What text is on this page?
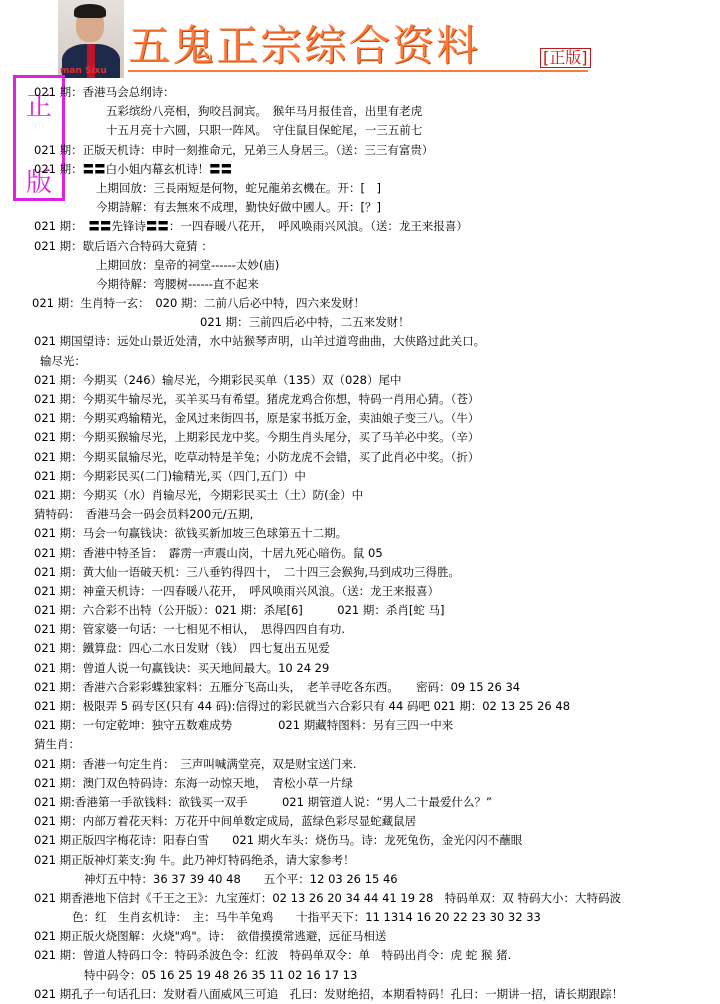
man Sixu
五鬼正宗综合资料	[正版]
正
版
021 期：香港马会总纲诗：
五彩缤纷八亮相，狗咬吕洞宾。　猴年马月报佳音，出里有老虎
十五月亮十六圆，只职一阵风。　守住鼠目保蛇尾，一三五前七
021 期：正版天机诗：申时一刻推命元，兄弟三人身居三。（送：三三有富贵）
021 期：〓〓白小姐内幕玄机诗！〓〓
上期回放：三長兩短是何物，蛇兄龍弟玄機在。开：[　]
今期詩解：有去無來不成理，勤快好做中國人。开：[？]
021 期：　〓〓先锋诗〓〓：一四春暖八花开，　呼风唤雨兴风浪。（送：龙王来报喜）
021 期：歇后语六合特码大竟猜 ：
上期回放：皇帝的祠堂------太妙(庙)
今期待解：弯腰树------直不起来
021 期：生肖特一玄：　020 期：二前八后必中特，四六来发财！
021 期：三前四后必中特，二五来发财！
021 期国望诗：远处山景近处清，水中站猴琴声明，山羊过道弯曲曲，大侠路过此关口。
输尽光：
021 期：今期买（246）输尽光，今期彩民买单（135）双（028）尾中
021 期：今期买牛输尽光，买羊买马有希望。猪虎龙鸡合你想，特码一肖用心猜。（苍）
021 期：今期买鸡输精光，金风过来街四书，原是家书抵万金，卖油娘子变三八。（牛）
021 期：今期买猴输尽光，上期彩民龙中奖。今期生肖头尾分，买了马羊必中奖。（辛）
021 期：今期买鼠输尽光，吃草动特是羊兔；小防龙虎不会错，买了此肖必中奖。（折）
021 期：今期彩民买(二门)输精光,买（四门,五门）中
021 期：今期买（水）肖输尽光，今期彩民买土（土）防(金）中
猜特码：　香港马会一码会员料200元/五期,
021 期：马会一句赢钱诀：欲钱买新加坡三色球第五十二期。
021 期：香港中特圣旨：　霹雳一声震山岗，十居九死心暗伤。鼠 05
021 期：黄大仙一语破天机：三八垂钓得四十，　二十四三会猴狗,马到成功三得胜。
021 期：神童天机诗：一四春暖八花开，　呼风唤雨兴风浪。（送：龙王来报喜）
021 期：六合彩不出特（公开版）：021 期：杀尾[6]　　　021 期：杀肖[蛇 马]
021 期：管家婆一句话：一七相见不相认，　思得四四自有功.
021 期：鐵算盘：四心二水日发财（钱）　四七复出五见爱
021 期：曾道人说一句赢钱诀：买天地间最大。10 24 29
021 期：香港六合彩彩蝶独家料：五雁分飞高山头，　老羊寻吃各东西。　　密码：09 15 26 34
021 期：极限弄 5 码专区(只有 44 码):信得过的彩民就当六合彩只有 44 码吧 021 期：02 13 25 26 48
021 期：一句定乾坤：独守五数难成势　　　　021 期藏特图料：另有三四一中来
猜生肖：
021 期：香港一句定生肖：　三声叫喊满堂亮，双是财宝送门来.
021 期：澳门双色特码诗：东海一动惊天地，　青松小草一片绿
021 期:香港第一手欲钱料：欲钱买一双手　　　021 期管道人说：“男人二十最爱什么？”
021 期：内部万着花天料：万花开中间单数定成局，蓝绿色彩尽显蛇藏鼠居
021 期正版四字梅花诗：阳春白雪　　021 期火车头：烧伤马。诗：龙死兔伤，金光闪闪不蘸眼
021 期正版神灯莱支:狗 牛。此乃神灯特码绝杀，请大家参考！
神灯五中特：36 37 39 40 48　　五个平：12 03 26 15 46
021 期香港地下信封《千王之王》：九宝莲灯：02 13 26 20 34 44 41 19 28　特码单双：双 特码大小：大特码波
色：红　生肖玄机诗：　主：马牛羊兔鸡　　十指平天下：11 1314 16 20 22 23 30 32 33
021 期正版火烧图解：火烧"鸡"。诗：　欲借摸摸常逃避，远征马相送
021 期：曾道人特码口令：特码杀波色令：红波　特码单双令：单　特码出肖令：虎 蛇 猴 猪.
特中码令：05 16 25 19 48 26 35 11 02 16 17 13
021 期孔子一句话孔曰：发财看八面威风三可追　孔曰：发财绝招，本期看特码！孔曰：一期讲一招，请长期跟踪！
